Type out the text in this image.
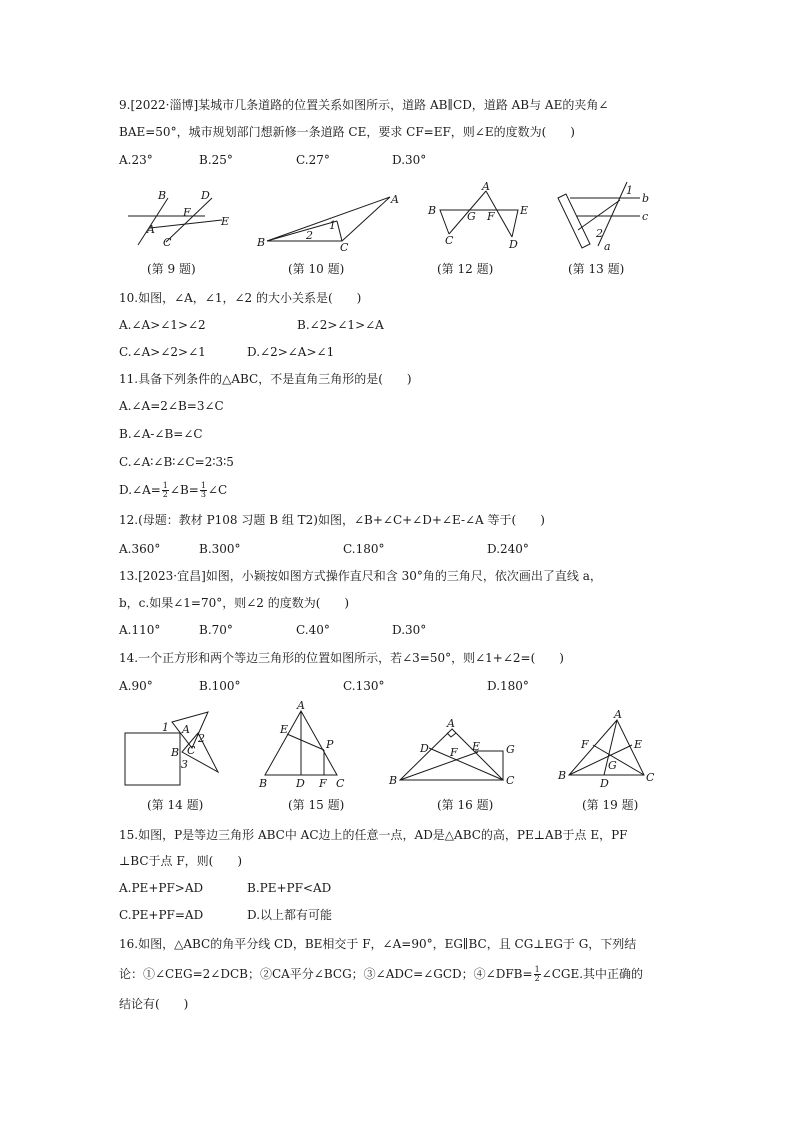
9.[2022·淄博]某城市几条道路的位置关系如图所示，道路 AB∥CD，道路 AB与 AE的夹角∠
BAE=50°，城市规划部门想新修一条道路 CE，要求 CF=EF，则∠E的度数为(　　)
A.23°	B.25°	C.27°	D.30°
B	D
F
E
A
C
A
1
2
B	C
A
B	G F E
C	D
1
b
c
2
a
(第 9 题)	(第 10 题)	(第 12 题)	(第 13 题)
10.如图，∠A，∠1，∠2 的大小关系是(　　)
A.∠A>∠1>∠2	B.∠2>∠1>∠A
C.∠A>∠2>∠1	D.∠2>∠A>∠1
11.具备下列条件的△ABC，不是直角三角形的是(　　)
A.∠A=2∠B=3∠C
B.∠A-∠B=∠C
C.∠A∶∠B∶∠C=2∶3∶5
D.∠A= $\frac{1}{2}$ ∠B= $\frac{1}{3}$ ∠C
12.(母题：教材 P108 习题 B 组 T2)如图，∠B+∠C+∠D+∠E-∠A 等于(　　)
A.360°	B.300°	C.180°	D.240°
13.[2023·宜昌]如图，小颖按如图方式操作直尺和含 30°角的三角尺，依次画出了直线 a，
b，c.如果∠1=70°，则∠2 的度数为(　　)
A.110°	B.70°	C.40°	D.30°
14.一个正方形和两个等边三角形的位置如图所示，若∠3=50°，则∠1+∠2=(　　)
A.90°	B.100°	C.130°	D.180°
1 A
2
B C
3
A
E
P
B	D F C
A
D F E G
B	C
A
F	E
G
B
D	C
(第 14 题)	(第 15 题)	(第 16 题)	(第 19 题)
15.如图，P是等边三角形 ABC中 AC边上的任意一点，AD是△ABC的高，PE⊥AB于点 E，PF
⊥BC于点 F，则(　　)
A.PE+PF>AD	B.PE+PF<AD
C.PE+PF=AD	D.以上都有可能
16.如图，△ABC的角平分线 CD，BE相交于 F，∠A=90°，EG∥BC，且 CG⊥EG于 G，下列结
论：①∠CEG=2∠DCB；②CA平分∠BCG；③∠ADC=∠GCD；④∠DFB= $\frac{1}{2}$ ∠CGE.其中正确的
结论有(　　)
